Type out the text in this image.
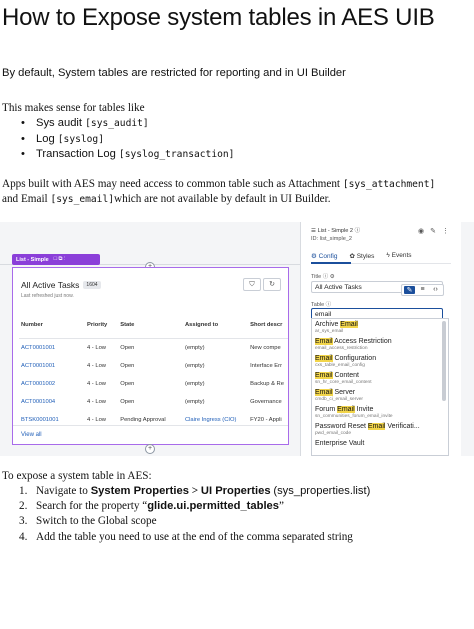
How to Expose system tables in AES UIB
By default, System tables are restricted for reporting and in UI Builder
This makes sense for tables like
• Sys audit [sys_audit]
• Log [syslog]
• Transaction Log [syslog_transaction]
Apps built with AES may need access to common table such as Attachment [sys_attachment]
and Email [sys_email]which are not available by default in UI Builder.
List - Simple □ ⧉ ⋮
All Active Tasks	1604
Last refreshed just now.
⛉	↻
Number	Priority	State	Assigned to	Short descr
ACT0001001	4 - Low	Open	(empty)	New compe
ACT0001001	4 - Low	Open	(empty)	Interface Err
ACT0001002	4 - Low	Open	(empty)	Backup & Re
ACT0001004	4 - Low	Open	(empty)	Governance
BTSK0001001	4 - Low	Pending Approval	Claire Ingress (CIO)	FY20 - Appli
View all
+
☰ List - Simple 2 ⓘ
ID: list_simple_2
◉ ✎ ⋮
⚙ Config ✿ Styles ϟ Events
Title ⓘ ⚙
All Active Tasks	✎	≡	‹›
Table ⓘ
email
Archive Email
ar_sys_email
Email Access Restriction
email_access_restriction
Email Configuration
cxs_table_email_config
Email Content
sn_hr_core_email_content
Email Server
cmdb_ci_email_server
Forum Email Invite
sn_communities_forum_email_invite
Password Reset Email Verificati...
pwd_email_code
Enterprise Vault
To expose a system table in AES:
1. Navigate to System Properties > UI Properties (sys_properties.list)
2. Search for the property “glide.ui.permitted_tables”
3. Switch to the Global scope
4. Add the table you need to use at the end of the comma separated string
